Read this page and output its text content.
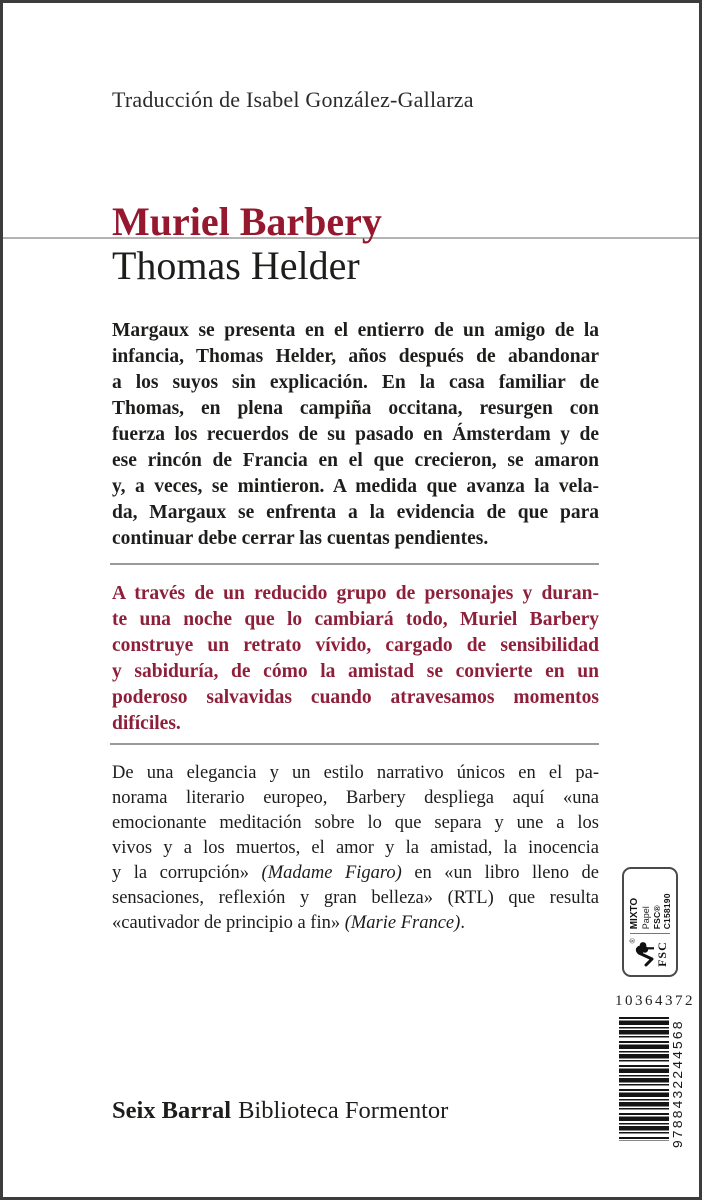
Traducción de Isabel González-Gallarza
Muriel Barbery
Thomas Helder
Margaux se presenta en el entierro de un amigo de la
infancia, Thomas Helder, años después de abandonar
a los suyos sin explicación. En la casa familiar de
Thomas, en plena campiña occitana, resurgen con
fuerza los recuerdos de su pasado en Ámsterdam y de
ese rincón de Francia en el que crecieron, se amaron
y, a veces, se mintieron. A medida que avanza la vela-
da, Margaux se enfrenta a la evidencia de que para
continuar debe cerrar las cuentas pendientes.
A través de un reducido grupo de personajes y duran-
te una noche que lo cambiará todo, Muriel Barbery
construye un retrato vívido, cargado de sensibilidad
y sabiduría, de cómo la amistad se convierte en un
poderoso salvavidas cuando atravesamos momentos
difíciles.
De una elegancia y un estilo narrativo únicos en el pa-
norama literario europeo, Barbery despliega aquí «una
emocionante meditación sobre lo que separa y une a los
vivos y a los muertos, el amor y la amistad, la inocencia
y la corrupción» (Madame Figaro) en «un libro lleno de
sensaciones, reflexión y gran belleza» (RTL) que resulta
«cautivador de principio a fin» (Marie France).
®
FSC
MIXTO Papel FSC® C158190
10364372
9788432244568
Seix Barral Biblioteca Formentor
